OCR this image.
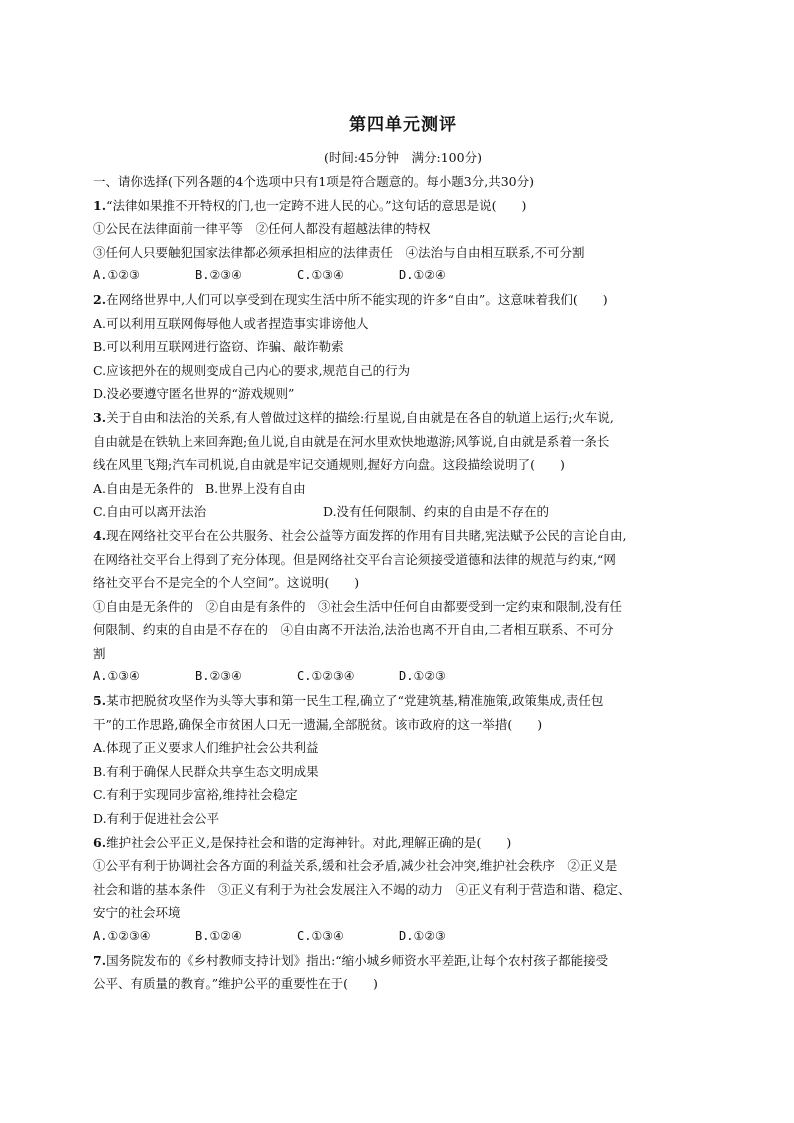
第四单元测评
(时间:45分钟　满分:100分)
一、请你选择(下列各题的4个选项中只有1项是符合题意的。每小题3分,共30分)
1.“法律如果推不开特权的门,也一定跨不进人民的心。”这句话的意思是说(　　)
①公民在法律面前一律平等　②任何人都没有超越法律的特权
③任何人只要触犯国家法律都必须承担相应的法律责任　④法治与自由相互联系,不可分割
A.①②③	B.②③④	C.①③④	D.①②④
2.在网络世界中,人们可以享受到在现实生活中所不能实现的许多“自由”。这意味着我们(　　)
A.可以利用互联网侮辱他人或者捏造事实诽谤他人
B.可以利用互联网进行盗窃、诈骗、敲诈勒索
C.应该把外在的规则变成自己内心的要求,规范自己的行为
D.没必要遵守匿名世界的“游戏规则”
3.关于自由和法治的关系,有人曾做过这样的描绘:行星说,自由就是在各自的轨道上运行;火车说,
自由就是在铁轨上来回奔跑;鱼儿说,自由就是在河水里欢快地遨游;风筝说,自由就是系着一条长
线在风里飞翔;汽车司机说,自由就是牢记交通规则,握好方向盘。这段描绘说明了(　　)
A.自由是无条件的 B.世界上没有自由
C.自由可以离开法治	D.没有任何限制、约束的自由是不存在的
4.现在网络社交平台在公共服务、社会公益等方面发挥的作用有目共睹,宪法赋予公民的言论自由,
在网络社交平台上得到了充分体现。但是网络社交平台言论须接受道德和法律的规范与约束,“网
络社交平台不是完全的个人空间”。这说明(　　)
①自由是无条件的　②自由是有条件的　③社会生活中任何自由都要受到一定约束和限制,没有任
何限制、约束的自由是不存在的　④自由离不开法治,法治也离不开自由,二者相互联系、不可分
割
A.①③④	B.②③④	C.①②③④	D.①②③
5.某市把脱贫攻坚作为头等大事和第一民生工程,确立了“党建筑基,精准施策,政策集成,责任包
干”的工作思路,确保全市贫困人口无一遗漏,全部脱贫。该市政府的这一举措(　　)
A.体现了正义要求人们维护社会公共利益
B.有利于确保人民群众共享生态文明成果
C.有利于实现同步富裕,维持社会稳定
D.有利于促进社会公平
6.维护社会公平正义,是保持社会和谐的定海神针。对此,理解正确的是(　　)
①公平有利于协调社会各方面的利益关系,缓和社会矛盾,减少社会冲突,维护社会秩序　②正义是
社会和谐的基本条件　③正义有利于为社会发展注入不竭的动力　④正义有利于营造和谐、稳定、
安宁的社会环境
A.①②③④	B.①②④	C.①③④	D.①②③
7.国务院发布的《乡村教师支持计划》指出:“缩小城乡师资水平差距,让每个农村孩子都能接受
公平、有质量的教育。”维护公平的重要性在于(　　)
